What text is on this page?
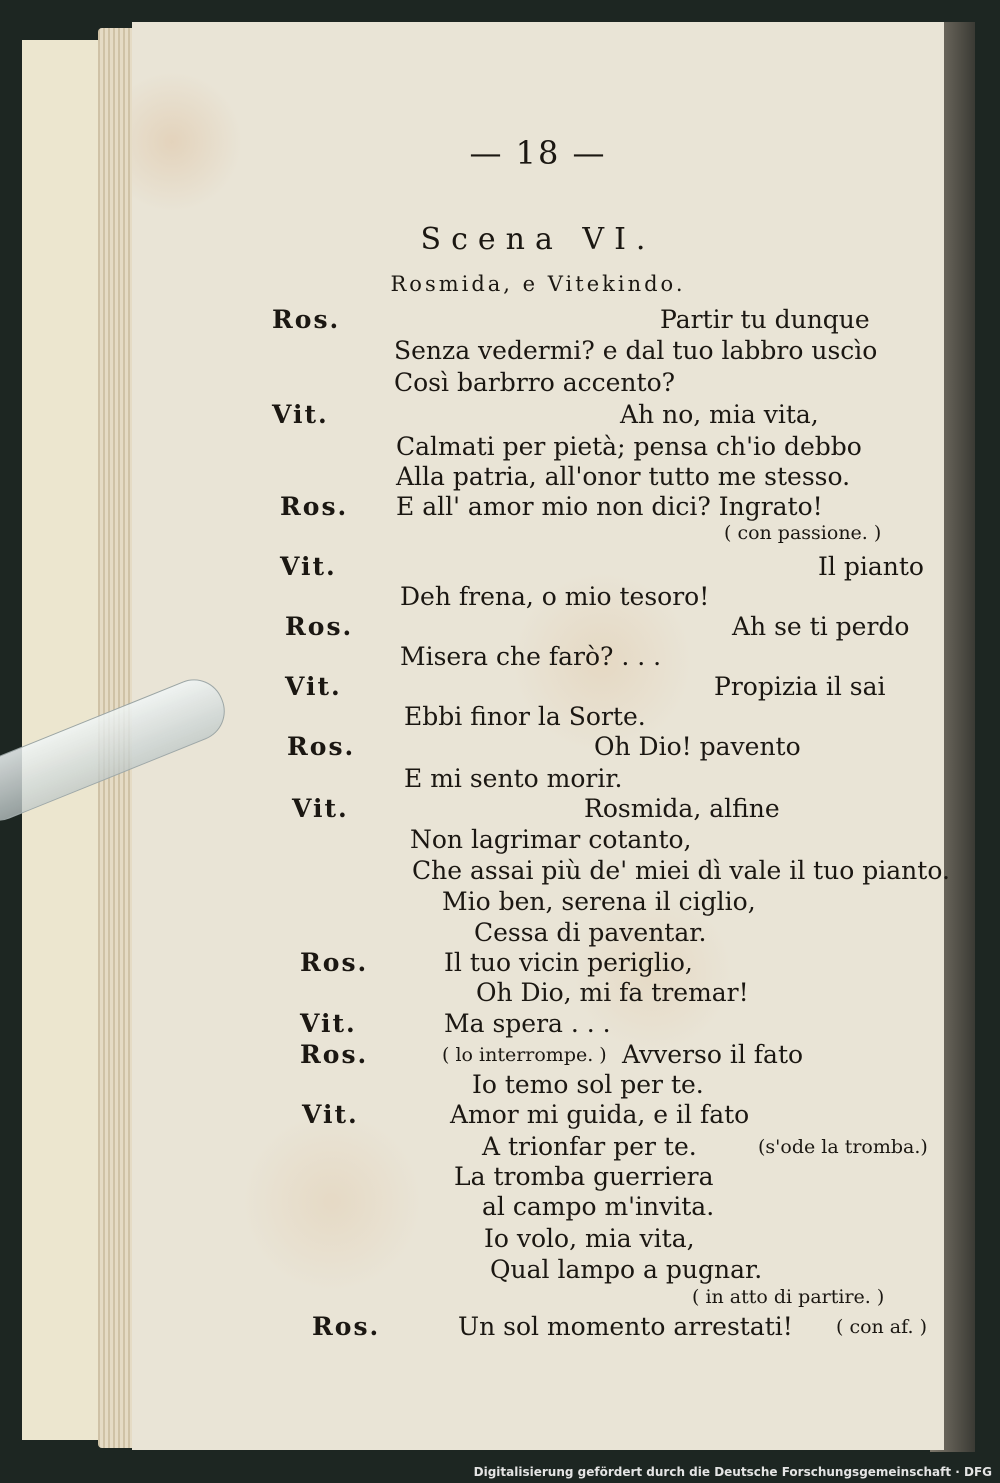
— 18 —
Scena VI.
Rosmida, e Vitekindo.
Ros.
Vit.
Ros.
Vit.
Ros.
Vit.
Ros.
Vit.
Ros.
Vit.
Ros.
Vit.
Ros.
Partir tu dunque
Senza vedermi? e dal tuo labbro uscìo
Così barbrro accento?
Ah no, mia vita,
Calmati per pietà; pensa ch'io debbo
Alla patria, all'onor tutto me stesso.
E all' amor mio non dici? Ingrato!
Il pianto
Deh frena, o mio tesoro!
Ah se ti perdo
Misera che farò? . . .
Propizia il sai
Ebbi finor la Sorte.
Oh Dio! pavento
E mi sento morir.
Rosmida, alfine
Non lagrimar cotanto,
Che assai più de' miei dì vale il tuo pianto.
Mio ben, serena il ciglio,
Cessa di paventar.
Il tuo vicin periglio,
Oh Dio, mi fa tremar!
Ma spera . . .
Avverso il fato
Io temo sol per te.
Amor mi guida, e il fato
A trionfar per te.
La tromba guerriera
al campo m'invita.
Io volo, mia vita,
Qual lampo a pugnar.
Un sol momento arrestati!
( con passione. )
( lo interrompe. )
(s'ode la tromba.)
( in atto di partire. )
( con af. )
Digitalisierung gefördert durch die Deutsche Forschungsgemeinschaft · DFG
